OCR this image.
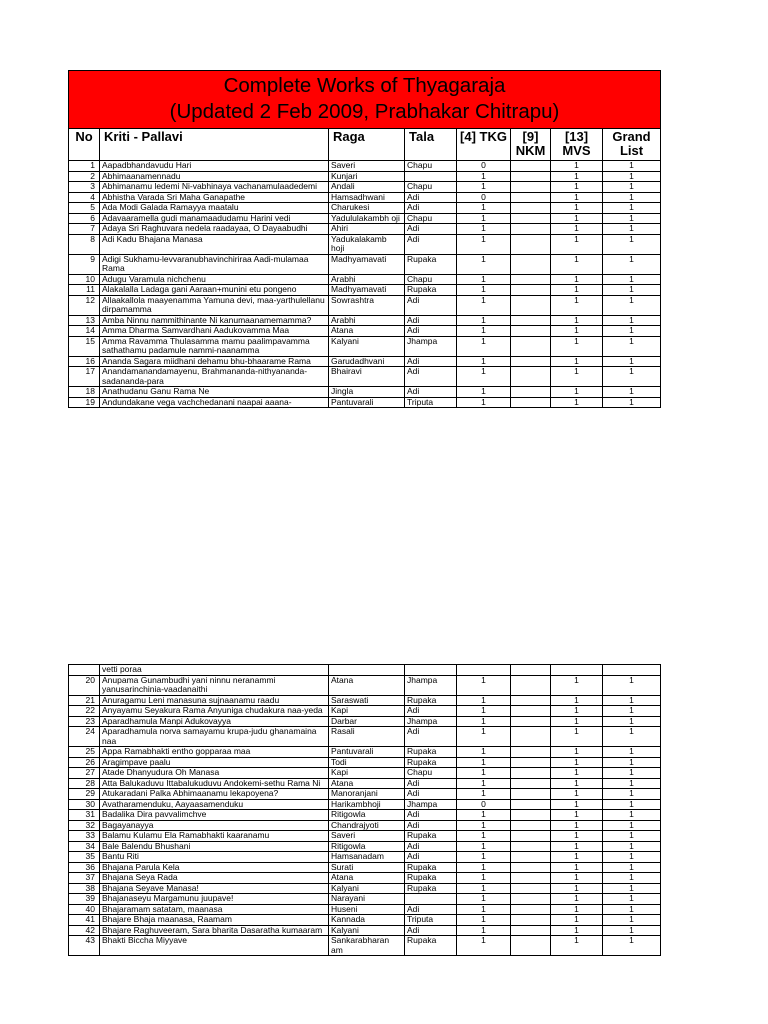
Complete Works of Thyagaraja
(Updated 2 Feb 2009, Prabhakar Chitrapu)							

No	Kriti - Pallavi	Raga	Tala	[4] TKG	[9] NKM	[13] MVS	Grand List
1	Aapadbhandavudu Hari	Saveri	Chapu	0		1	1
2	Abhimaanamennadu	Kunjari		1		1	1
3	Abhimanamu ledemi Ni-vabhinaya vachanamulaadedemi	Andali	Chapu	1		1	1
4	Abhistha Varada Sri Maha Ganapathe	Hamsadhwani	Adi	0		1	1
5	Ada Modi Galada Ramayya maatalu	Charukesi	Adi	1		1	1
6	Adavaaramella gudi manamaadudamu Harini vedi	Yadululakambh oji	Chapu	1		1	1
7	Adaya Sri Raghuvara nedela raadayaa, O Dayaabudhi	Ahiri	Adi	1		1	1
8	Adi Kadu Bhajana Manasa	Yadukalakamb hoji	Adi	1		1	1
9	Adigi Sukhamu-levvaranubhavinchiriraa Aadi-mulamaa Rama	Madhyamavati	Rupaka	1		1	1
10	Adugu Varamula nichchenu	Arabhi	Chapu	1		1	1
11	Alakalalla Ladaga gani Aaraan+munini etu pongeno	Madhyamavati	Rupaka	1		1	1
12	Allaakallola maayenamma Yamuna devi, maa-yarthulellanu dirpamamma	Sowrashtra	Adi	1		1	1
13	Amba Ninnu nammithinante Ni kanumaanamemamma?	Arabhi	Adi	1		1	1
14	Amma Dharma Samvardhani Aadukovamma Maa	Atana	Adi	1		1	1
15	Amma Ravamma Thulasamma mamu paalimpavamma sathathamu padamule nammi-naanamma	Kalyani	Jhampa	1		1	1
16	Ananda Sagara miidhani dehamu bhu-bhaarame Rama	Garudadhvani	Adi	1		1	1
17	Anandamanandamayenu, Brahmananda-nithyananda-sadananda-para	Bhairavi	Adi	1		1	1
18	Anathudanu Ganu Rama Ne	Jingla	Adi	1		1	1
19	Andundakane vega vachchedanani naapai aaana-	Pantuvarali	Triputa	1		1	1
	vetti poraa						
20	Anupama Gunambudhi yani ninnu neranammi yanusarinchinia-vaadanaithi	Atana	Jhampa	1		1	1
21	Anuragamu Leni manasuna sujnaanamu raadu	Saraswati	Rupaka	1		1	1
22	Anyayamu Seyakura Rama Anyuniga chudakura naa-yeda	Kapi	Adi	1		1	1
23	Aparadhamula Manpi Adukovayya	Darbar	Jhampa	1		1	1
24	Aparadhamula norva samayamu krupa-judu ghanamaina naa	Rasali	Adi	1		1	1
25	Appa Ramabhakti entho gopparaa maa	Pantuvarali	Rupaka	1		1	1
26	Aragimpave paalu	Todi	Rupaka	1		1	1
27	Atade Dhanyudura Oh Manasa	Kapi	Chapu	1		1	1
28	Atta Balukaduvu Ittabalukuduvu Andokemi-sethu Rama Ni	Atana	Adi	1		1	1
29	Atukaradani Palka Abhimaanamu lekapoyena?	Manoranjani	Adi	1		1	1
30	Avatharamenduku, Aayaasamenduku	Harikambhoji	Jhampa	0		1	1
31	Badalika Dira pavvalimchve	Ritigowla	Adi	1		1	1
32	Bagayanayya	Chandrajyoti	Adi	1		1	1
33	Balamu Kulamu Ela Ramabhakti kaaranamu	Saveri	Rupaka	1		1	1
34	Bale Balendu Bhushani	Ritigowla	Adi	1		1	1
35	Bantu Riti	Hamsanadam	Adi	1		1	1
36	Bhajana Parula Kela	Surati	Rupaka	1		1	1
37	Bhajana Seya Rada	Atana	Rupaka	1		1	1
38	Bhajana Seyave Manasa!	Kalyani	Rupaka	1		1	1
39	Bhajanaseyu Margamunu juupave!	Narayani		1		1	1
40	Bhajaramam satatam, maanasa	Huseni	Adi	1		1	1
41	Bhajare Bhaja maanasa, Raamam	Kannada	Triputa	1		1	1
42	Bhajare Raghuveeram, Sara bharita Dasaratha kumaaram	Kalyani	Adi	1		1	1
43	Bhakti Biccha Miyyave	Sankarabharan am	Rupaka	1		1	1
